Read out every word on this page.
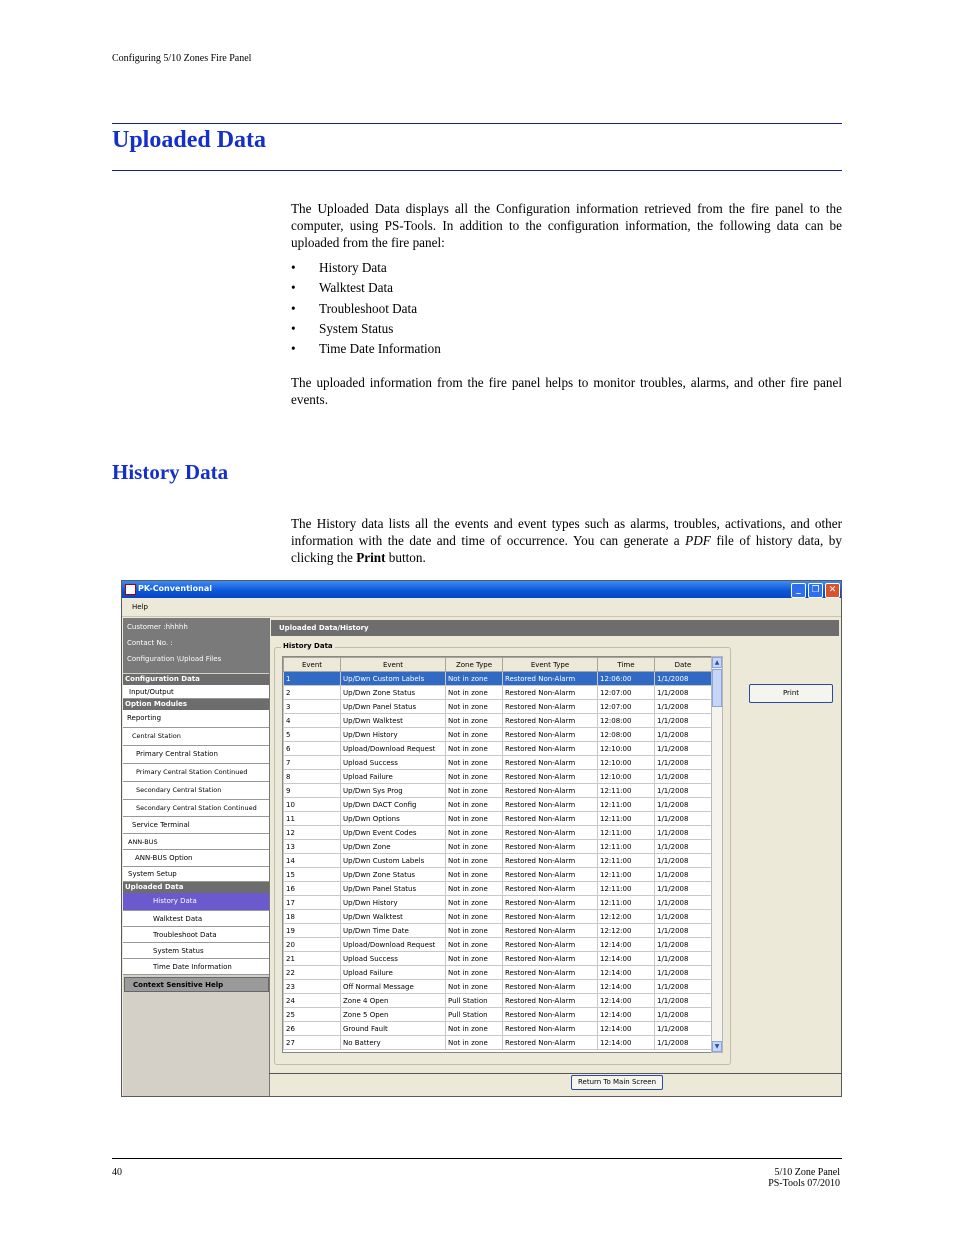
Configuring 5/10 Zones Fire Panel
Uploaded Data

The Uploaded Data displays all the Configuration information retrieved from the fire panel to the computer, using PS-Tools. In addition to the configuration information, the following data can be uploaded from the fire panel:

• History Data
• Walktest Data
• Troubleshoot Data
• System Status
• Time Date Information

The uploaded information from the fire panel helps to monitor troubles, alarms, and other fire panel events.

History Data

The History data lists all the events and event types such as alarms, troubles, activations, and other information with the date and time of occurrence. You can generate a PDF file of history data, by clicking the Print button.

PK-Conventional	_	❐	✕
Help
Customer :hhhhh
Contact No. :
Configuration \Upload Files
Configuration Data
Input/Output
Option Modules
Reporting
Central Station
Primary Central Station
Primary Central Station Continued
Secondary Central Station
Secondary Central Station Continued
Service Terminal
ANN-BUS
ANN-BUS Option
System Setup
Uploaded Data
History Data
Walktest Data
Troubleshoot Data
System Status
Time Date Information
Context Sensitive Help
Uploaded Data/History
History Data
Event	Event	Zone Type	Event Type	Time	Date
1	Up/Dwn Custom Labels	Not in zone	Restored Non-Alarm	12:06:00	1/1/2008
2	Up/Dwn Zone Status	Not in zone	Restored Non-Alarm	12:07:00	1/1/2008
3	Up/Dwn Panel Status	Not in zone	Restored Non-Alarm	12:07:00	1/1/2008
4	Up/Dwn Walktest	Not in zone	Restored Non-Alarm	12:08:00	1/1/2008
5	Up/Dwn History	Not in zone	Restored Non-Alarm	12:08:00	1/1/2008
6	Upload/Download Request	Not in zone	Restored Non-Alarm	12:10:00	1/1/2008
7	Upload Success	Not in zone	Restored Non-Alarm	12:10:00	1/1/2008
8	Upload Failure	Not in zone	Restored Non-Alarm	12:10:00	1/1/2008
9	Up/Dwn Sys Prog	Not in zone	Restored Non-Alarm	12:11:00	1/1/2008
10	Up/Dwn DACT Config	Not in zone	Restored Non-Alarm	12:11:00	1/1/2008
11	Up/Dwn Options	Not in zone	Restored Non-Alarm	12:11:00	1/1/2008
12	Up/Dwn Event Codes	Not in zone	Restored Non-Alarm	12:11:00	1/1/2008
13	Up/Dwn Zone	Not in zone	Restored Non-Alarm	12:11:00	1/1/2008
14	Up/Dwn Custom Labels	Not in zone	Restored Non-Alarm	12:11:00	1/1/2008
15	Up/Dwn Zone Status	Not in zone	Restored Non-Alarm	12:11:00	1/1/2008
16	Up/Dwn Panel Status	Not in zone	Restored Non-Alarm	12:11:00	1/1/2008
17	Up/Dwn History	Not in zone	Restored Non-Alarm	12:11:00	1/1/2008
18	Up/Dwn Walktest	Not in zone	Restored Non-Alarm	12:12:00	1/1/2008
19	Up/Dwn Time Date	Not in zone	Restored Non-Alarm	12:12:00	1/1/2008
20	Upload/Download Request	Not in zone	Restored Non-Alarm	12:14:00	1/1/2008
21	Upload Success	Not in zone	Restored Non-Alarm	12:14:00	1/1/2008
22	Upload Failure	Not in zone	Restored Non-Alarm	12:14:00	1/1/2008
23	Off Normal Message	Not in zone	Restored Non-Alarm	12:14:00	1/1/2008
24	Zone 4 Open	Pull Station	Restored Non-Alarm	12:14:00	1/1/2008
25	Zone 5 Open	Pull Station	Restored Non-Alarm	12:14:00	1/1/2008
26	Ground Fault	Not in zone	Restored Non-Alarm	12:14:00	1/1/2008
27	No Battery	Not in zone	Restored Non-Alarm	12:14:00	1/1/2008
▲
▼
Print
Return To Main Screen
40	5/10 Zone Panel
PS-Tools 07/2010
